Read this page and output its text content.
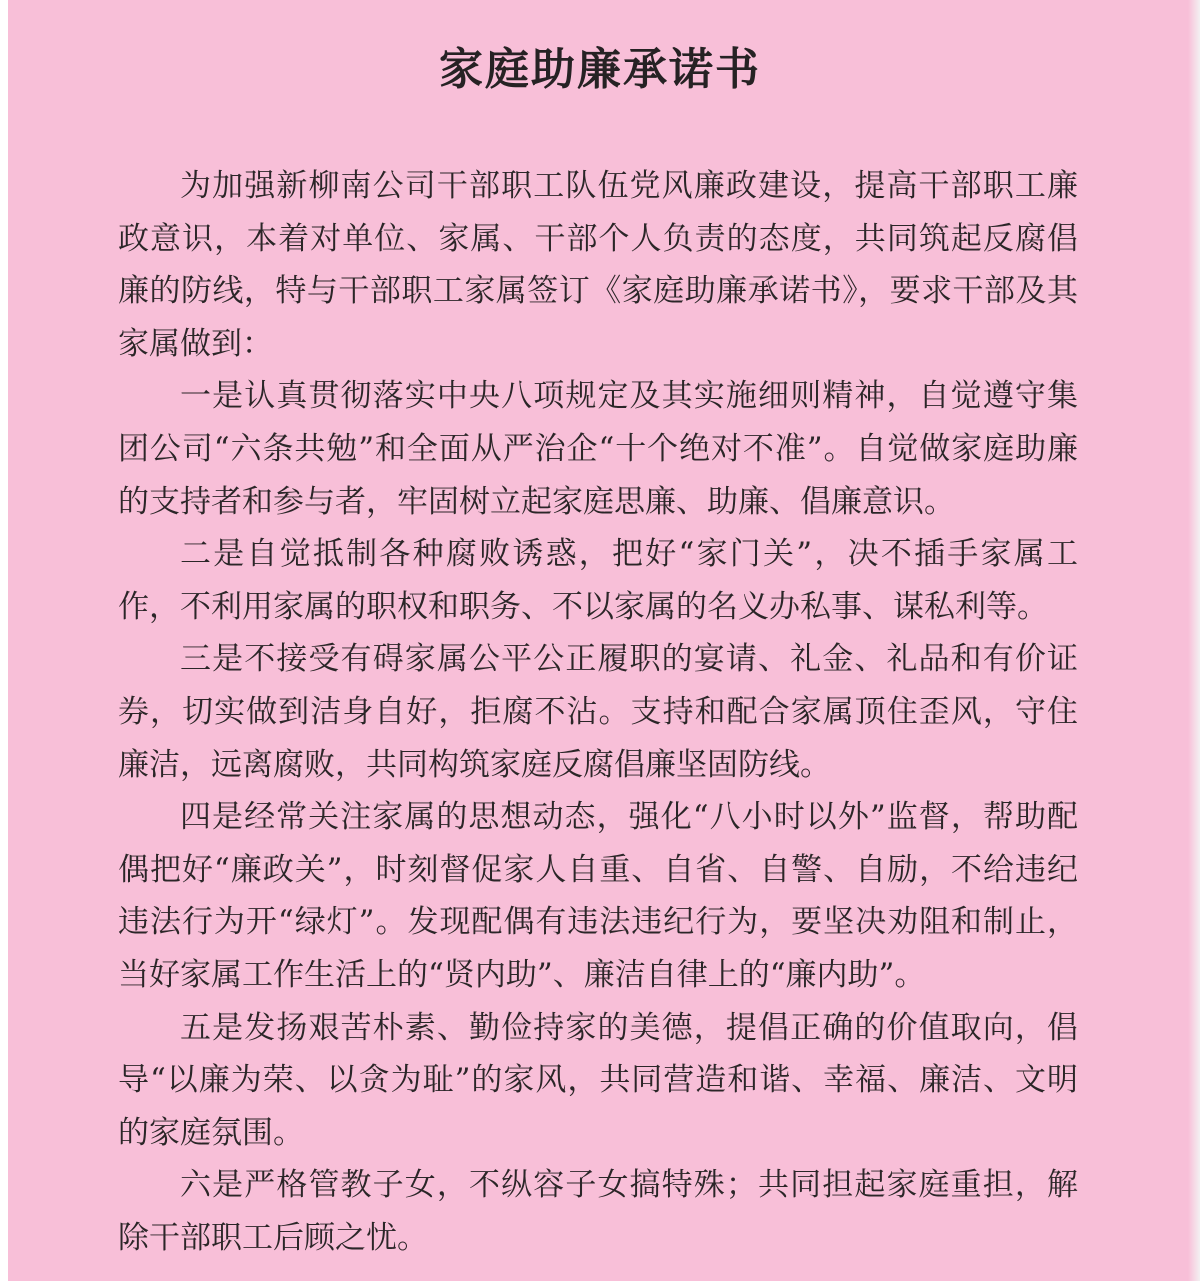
家庭助廉承诺书

为加强新柳南公司干部职工队伍党风廉政建设，提高干部职工廉政意识，本着对单位、家属、干部个人负责的态度，共同筑起反腐倡廉的防线，特与干部职工家属签订《家庭助廉承诺书》，要求干部及其家属做到：

一是认真贯彻落实中央八项规定及其实施细则精神，自觉遵守集团公司“六条共勉”和全面从严治企“十个绝对不准”。自觉做家庭助廉的支持者和参与者，牢固树立起家庭思廉、助廉、倡廉意识。

二是自觉抵制各种腐败诱惑，把好“家门关”，决不插手家属工作，不利用家属的职权和职务、不以家属的名义办私事、谋私利等。

三是不接受有碍家属公平公正履职的宴请、礼金、礼品和有价证券，切实做到洁身自好，拒腐不沾。支持和配合家属顶住歪风，守住廉洁，远离腐败，共同构筑家庭反腐倡廉坚固防线。

四是经常关注家属的思想动态，强化“八小时以外”监督，帮助配偶把好“廉政关”，时刻督促家人自重、自省、自警、自励，不给违纪违法行为开“绿灯”。发现配偶有违法违纪行为，要坚决劝阻和制止，当好家属工作生活上的“贤内助”、廉洁自律上的“廉内助”。

五是发扬艰苦朴素、勤俭持家的美德，提倡正确的价值取向，倡导“以廉为荣、以贪为耻”的家风，共同营造和谐、幸福、廉洁、文明的家庭氛围。

六是严格管教子女，不纵容子女搞特殊；共同担起家庭重担，解除干部职工后顾之忧。
